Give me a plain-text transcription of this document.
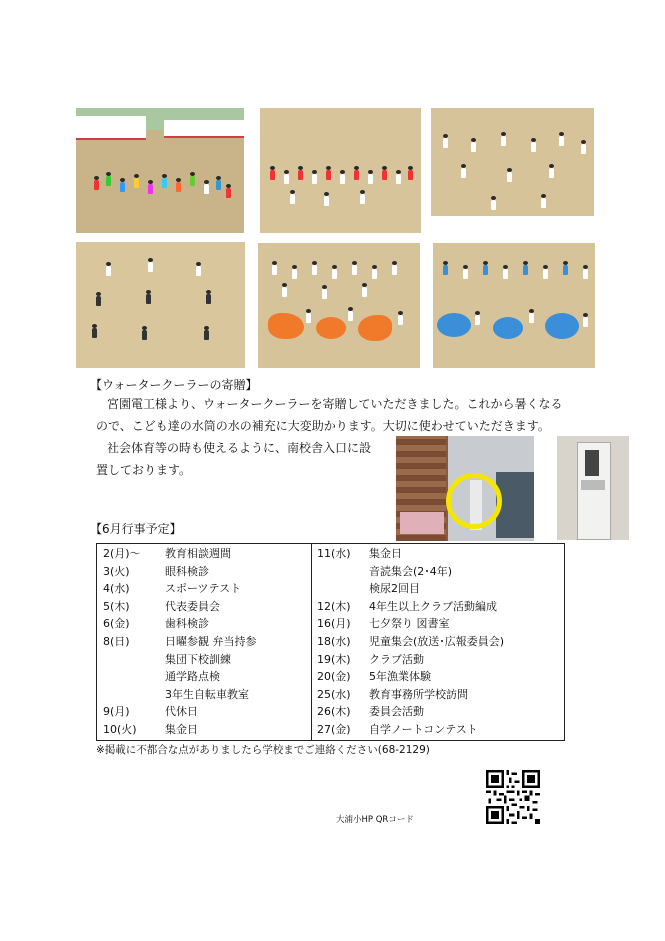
【ウォータークーラーの寄贈】
宮園電工様より、ウォータークーラーを寄贈していただきました。これから暑くなる
ので、こども達の水筒の水の補充に大変助かります。大切に使わせていただきます。
社会体育等の時も使えるように、南校舎入口に設
置しております。
【6月行事予定】
2(月)～ 教育相談週間
3(火)	眼科検診
4(水)	スポーツテスト
5(木)	代表委員会
6(金)	歯科検診
8(日)	日曜参観 弁当持参
集団下校訓練
通学路点検
3年生自転車教室
9(月)	代休日
10(火)	集金日
11(水) 集金日
音読集会(2･4年)
検尿2回目
12(木) 4年生以上クラブ活動編成
16(月) 七夕祭り 図書室
18(水) 児童集会(放送･広報委員会)
19(木) クラブ活動
20(金) 5年漁業体験
25(水) 教育事務所学校訪問
26(木) 委員会活動
27(金) 自学ノートコンテスト
※掲載に不都合な点がありましたら学校までご連絡ください(68-2129)
大浦小HP QRコード
